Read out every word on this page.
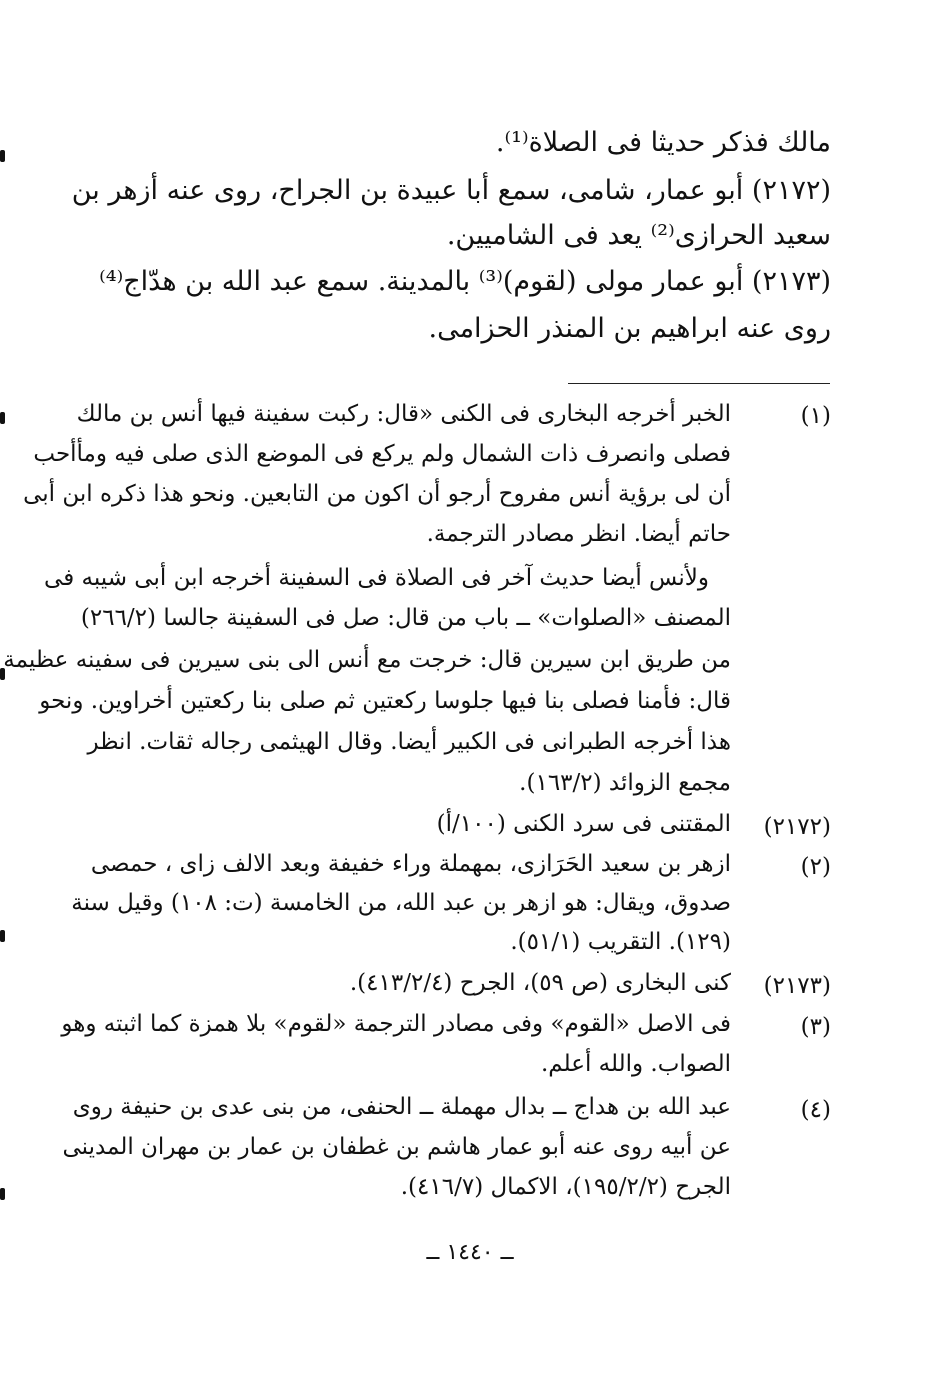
مالك فذكر حديثا فى الصلاة⁽¹⁾.
(٢١٧٢) أبو عمار، شامى، سمع أبا عبيدة بن الجراح، روى عنه أزهر بن
سعيد الحرازى⁽²⁾ يعد فى الشاميين.
(٢١٧٣) أبو عمار مولى (لقوم)⁽³⁾ بالمدينة. سمع عبد الله بن هدّاج⁽⁴⁾
روى عنه ابراهيم بن المنذر الحزامى.
(١)
الخبر أخرجه البخارى فى الكنى «قال: ركبت سفينة فيها أنس بن مالك
فصلى وانصرف ذات الشمال ولم يركع فى الموضع الذى صلى فيه ومأأحب
أن لى برؤية أنس مفروح أرجو أن اكون من التابعين. ونحو هذا ذكره ابن أبى
حاتم أيضا. انظر مصادر الترجمة.
ولأنس أيضا حديث آخر فى الصلاة فى السفينة أخرجه ابن أبى شيبه فى
المصنف «الصلوات» ــ باب من قال: صل فى السفينة جالسا (٢٦٦/٢)
من طريق ابن سيرين قال: خرجت مع أنس الى بنى سيرين فى سفينه عظيمة
قال: فأمنا فصلى بنا فيها جلوسا ركعتين ثم صلى بنا ركعتين أخراوين. ونحو
هذا أخرجه الطبرانى فى الكبير أيضا. وقال الهيثمى رجاله ثقات. انظر
مجمع الزوائد (١٦٣/٢).
(٢١٧٢)
المقتنى فى سرد الكنى (١٠٠/أ)
(٢)
ازهر بن سعيد الحَرَازى، بمهملة وراء خفيفة وبعد الالف زاى ، حمصى
صدوق، ويقال: هو ازهر بن عبد الله، من الخامسة (ت: ١٠٨) وقيل سنة
(١٢٩). التقريب (٥١/١).
(٢١٧٣)
كنى البخارى (ص ٥٩)، الجرح (٤١٣/٢/٤).
(٣)
فى الاصل «القوم» وفى مصادر الترجمة «لقوم» بلا همزة كما اثبته وهو
الصواب. والله أعلم.
(٤)
عبد الله بن هداج ــ بدال مهملة ــ الحنفى، من بنى عدى بن حنيفة روى
عن أبيه روى عنه أبو عمار هاشم بن غطفان بن عمار بن مهران المدينى
الجرح (١٩٥/٢/٢)، الاكمال (٤١٦/٧).
ــ ١٤٤٠ ــ
